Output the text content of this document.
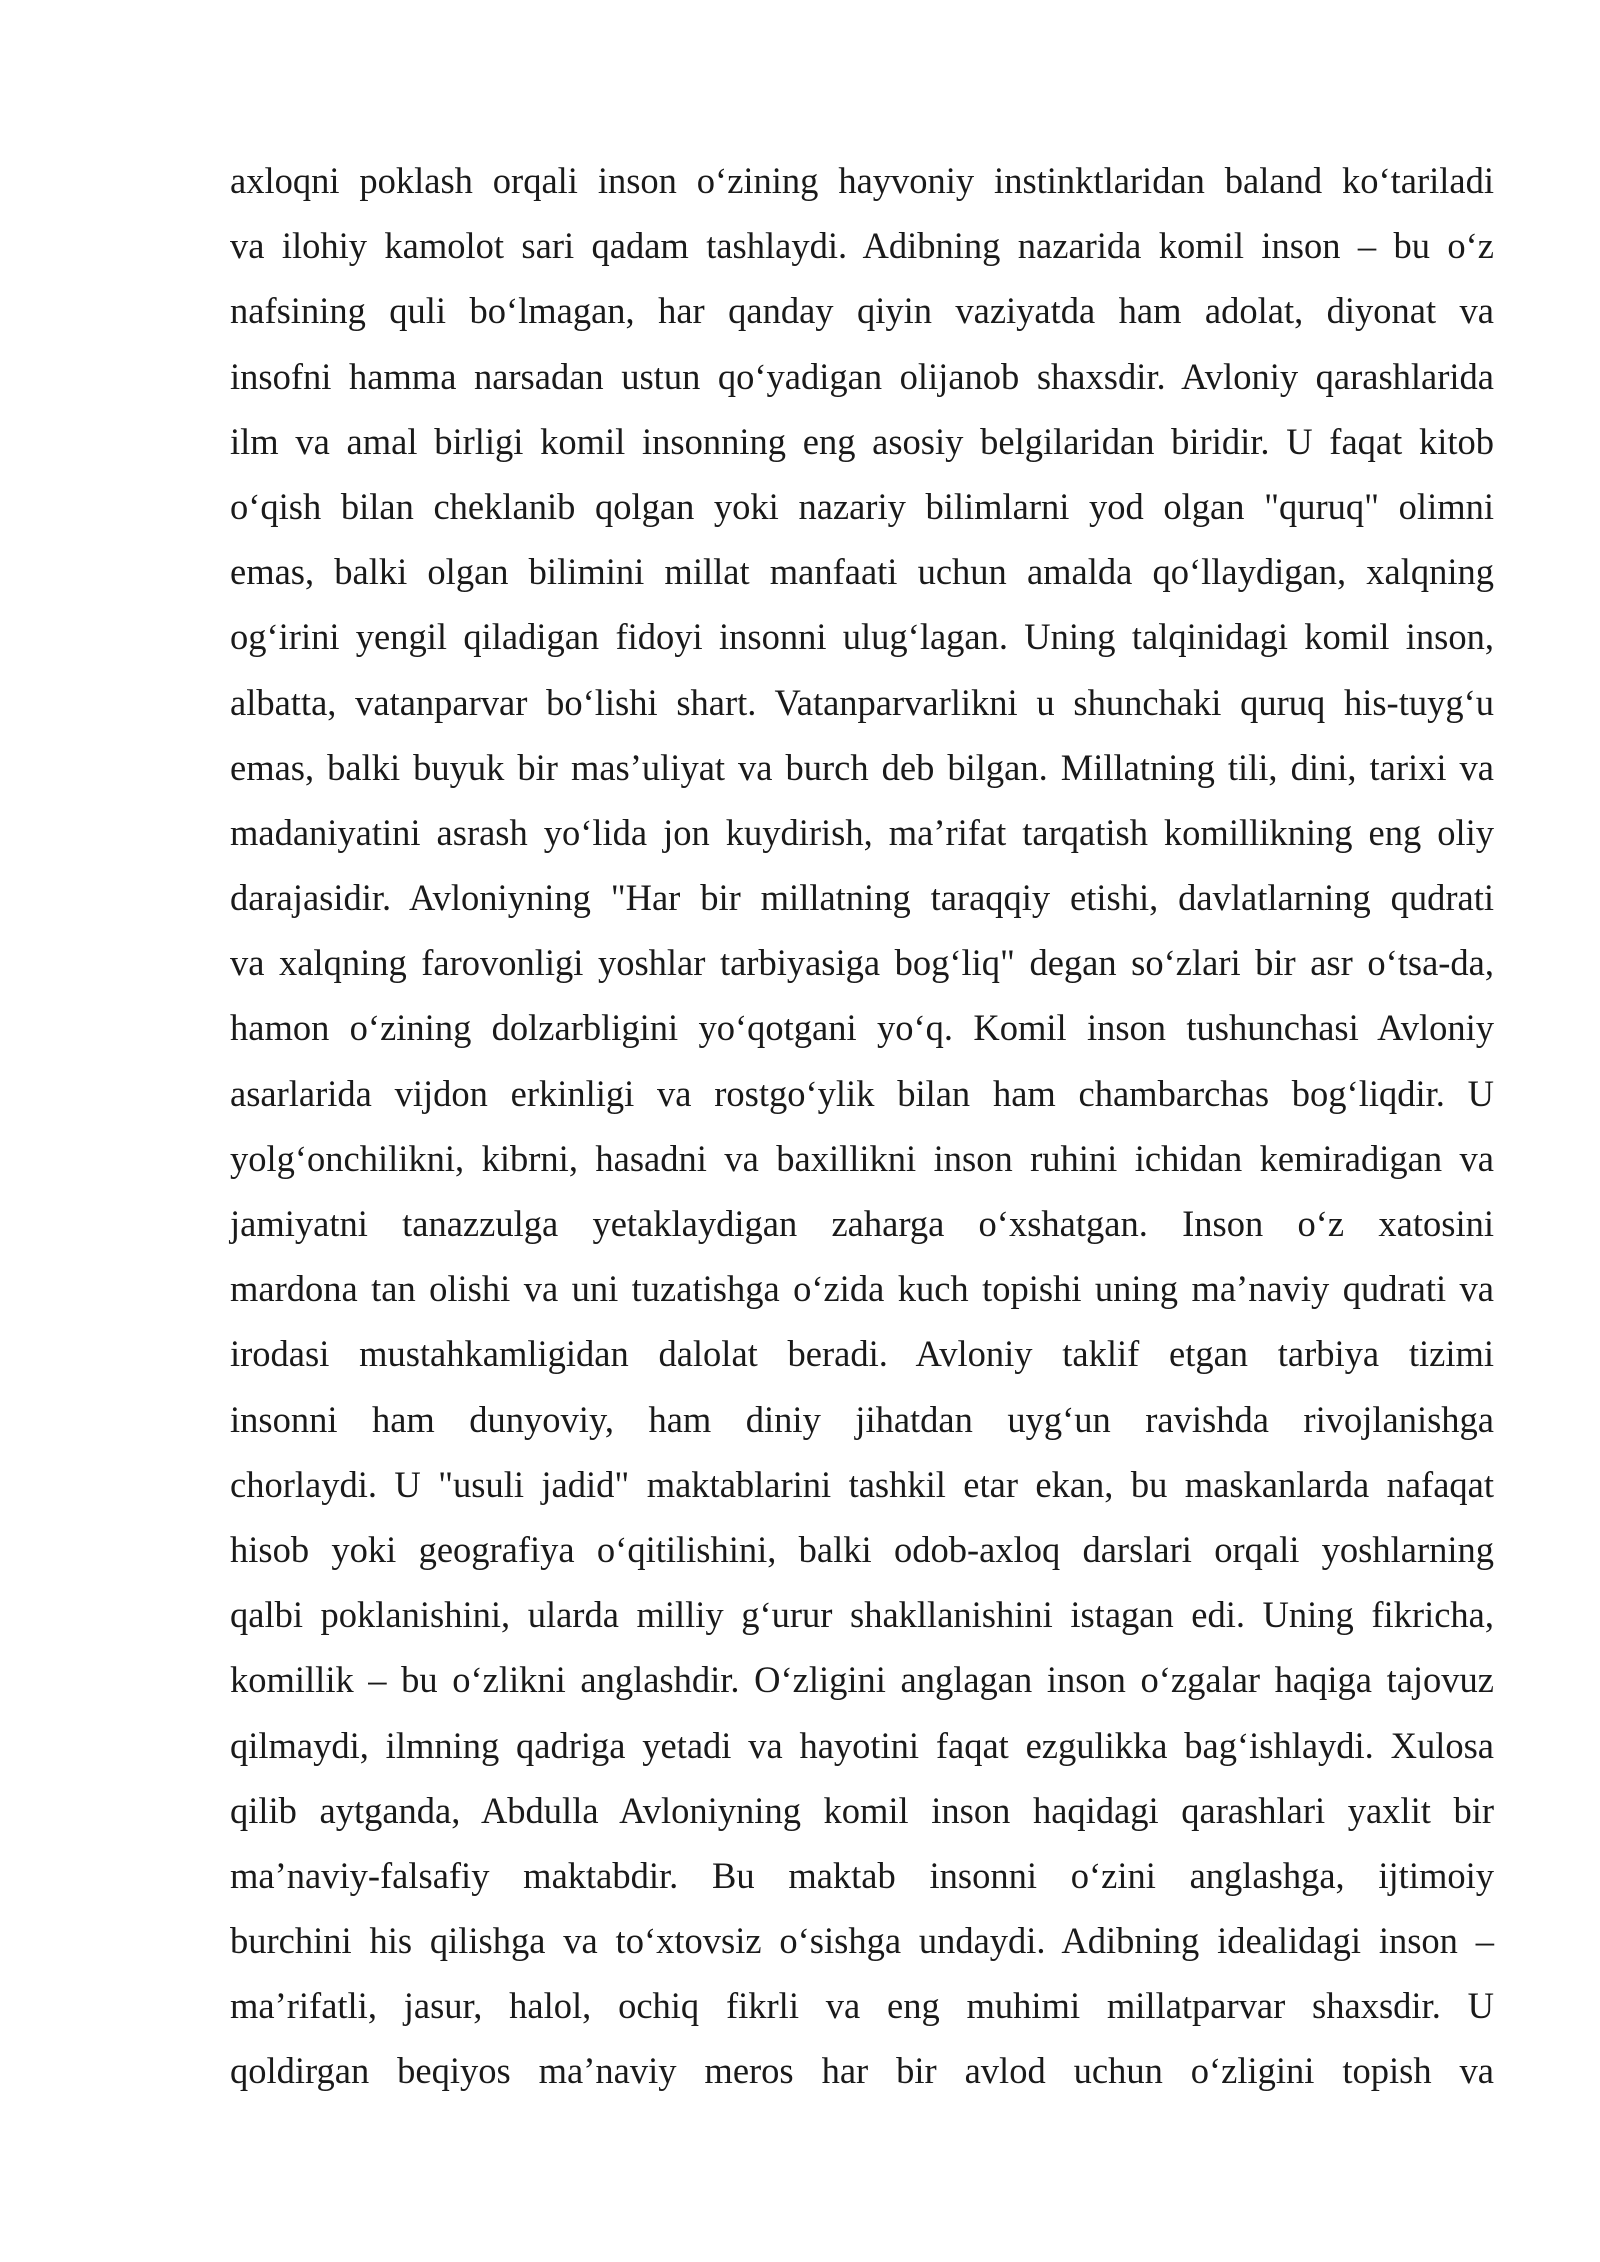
axloqni poklash orqali inson o‘zining hayvoniy instinktlaridan baland ko‘tariladi
va ilohiy kamolot sari qadam tashlaydi. Adibning nazarida komil inson – bu o‘z
nafsining quli bo‘lmagan, har qanday qiyin vaziyatda ham adolat, diyonat va
insofni hamma narsadan ustun qo‘yadigan olijanob shaxsdir. Avloniy qarashlarida
ilm va amal birligi komil insonning eng asosiy belgilaridan biridir. U faqat kitob
o‘qish bilan cheklanib qolgan yoki nazariy bilimlarni yod olgan "quruq" olimni
emas, balki olgan bilimini millat manfaati uchun amalda qo‘llaydigan, xalqning
og‘irini yengil qiladigan fidoyi insonni ulug‘lagan. Uning talqinidagi komil inson,
albatta, vatanparvar bo‘lishi shart. Vatanparvarlikni u shunchaki quruq his-tuyg‘u
emas, balki buyuk bir mas’uliyat va burch deb bilgan. Millatning tili, dini, tarixi va
madaniyatini asrash yo‘lida jon kuydirish, ma’rifat tarqatish komillikning eng oliy
darajasidir. Avloniyning "Har bir millatning taraqqiy etishi, davlatlarning qudrati
va xalqning farovonligi yoshlar tarbiyasiga bog‘liq" degan so‘zlari bir asr o‘tsa-da,
hamon o‘zining dolzarbligini yo‘qotgani yo‘q. Komil inson tushunchasi Avloniy
asarlarida vijdon erkinligi va rostgo‘ylik bilan ham chambarchas bog‘liqdir. U
yolg‘onchilikni, kibrni, hasadni va baxillikni inson ruhini ichidan kemiradigan va
jamiyatni tanazzulga yetaklaydigan zaharga o‘xshatgan. Inson o‘z xatosini
mardona tan olishi va uni tuzatishga o‘zida kuch topishi uning ma’naviy qudrati va
irodasi mustahkamligidan dalolat beradi. Avloniy taklif etgan tarbiya tizimi
insonni ham dunyoviy, ham diniy jihatdan uyg‘un ravishda rivojlanishga
chorlaydi. U "usuli jadid" maktablarini tashkil etar ekan, bu maskanlarda nafaqat
hisob yoki geografiya o‘qitilishini, balki odob-axloq darslari orqali yoshlarning
qalbi poklanishini, ularda milliy g‘urur shakllanishini istagan edi. Uning fikricha,
komillik – bu o‘zlikni anglashdir. O‘zligini anglagan inson o‘zgalar haqiga tajovuz
qilmaydi, ilmning qadriga yetadi va hayotini faqat ezgulikka bag‘ishlaydi. Xulosa
qilib aytganda, Abdulla Avloniyning komil inson haqidagi qarashlari yaxlit bir
ma’naviy-falsafiy maktabdir. Bu maktab insonni o‘zini anglashga, ijtimoiy
burchini his qilishga va to‘xtovsiz o‘sishga undaydi. Adibning idealidagi inson –
ma’rifatli, jasur, halol, ochiq fikrli va eng muhimi millatparvar shaxsdir. U
qoldirgan beqiyos ma’naviy meros har bir avlod uchun o‘zligini topish va
